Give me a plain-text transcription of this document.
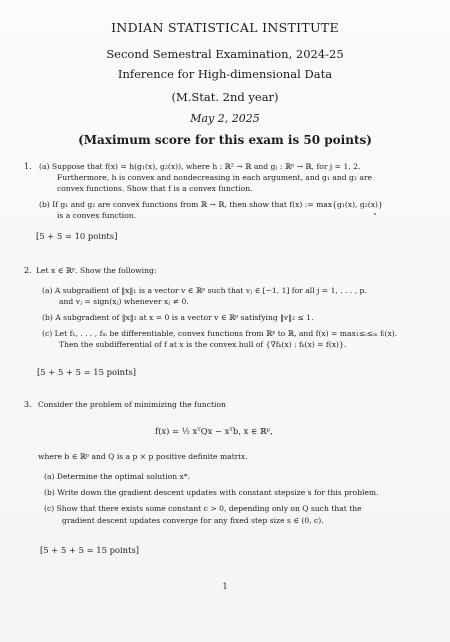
INDIAN STATISTICAL INSTITUTE
Second Semestral Examination, 2024-25
Inference for High-dimensional Data
(M.Stat. 2nd year)
May 2, 2025
(Maximum score for this exam is 50 points)
1. (a) Suppose that f(x) = h(g₁(x), g₂(x)), where h : ℝ² → ℝ and gⱼ : ℝᵖ → ℝ, for j = 1, 2.
Furthermore, h is convex and nondecreasing in each argument, and g₁ and g₂ are
convex functions. Show that f is a convex function.
(b) If g₁ and g₂ are convex functions from ℝ → ℝ, then show that f(x) := max{g₁(x), g₂(x)}
is a convex function.
[5 + 5 = 10 points]
2. Let x ∈ ℝᵖ. Show the following:
(a) A subgradient of ‖x‖₁ is a vector v ∈ ℝᵖ such that vⱼ ∈ [−1, 1] for all j = 1, . . . , p.
and vⱼ = sign(xⱼ) whenever xⱼ ≠ 0.
(b) A subgradient of ‖x‖₂ at x = 0 is a vector v ∈ ℝᵖ satisfying ‖v‖₂ ≤ 1.
(c) Let f₁, . . . , fₘ be differentiable, convex functions from ℝᵖ to ℝ, and f(x) = max₁≤ᵢ≤ₘ fᵢ(x).
Then the subdifferential of f at x is the convex hull of {∇fₖ(x) : fₖ(x) = f(x)}.
[5 + 5 + 5 = 15 points]
3. Consider the problem of minimizing the function
f(x) = ½ xᵀQx − xᵀb, x ∈ ℝᵖ,
where b ∈ ℝᵖ and Q is a p × p positive definite matrix.
(a) Determine the optimal solution x*.
(b) Write down the gradient descent updates with constant stepsize s for this problem.
(c) Show that there exists some constant c > 0, depending only on Q such that the
gradient descent updates converge for any fixed step size s ∈ (0, c).
[5 + 5 + 5 = 15 points]
1
